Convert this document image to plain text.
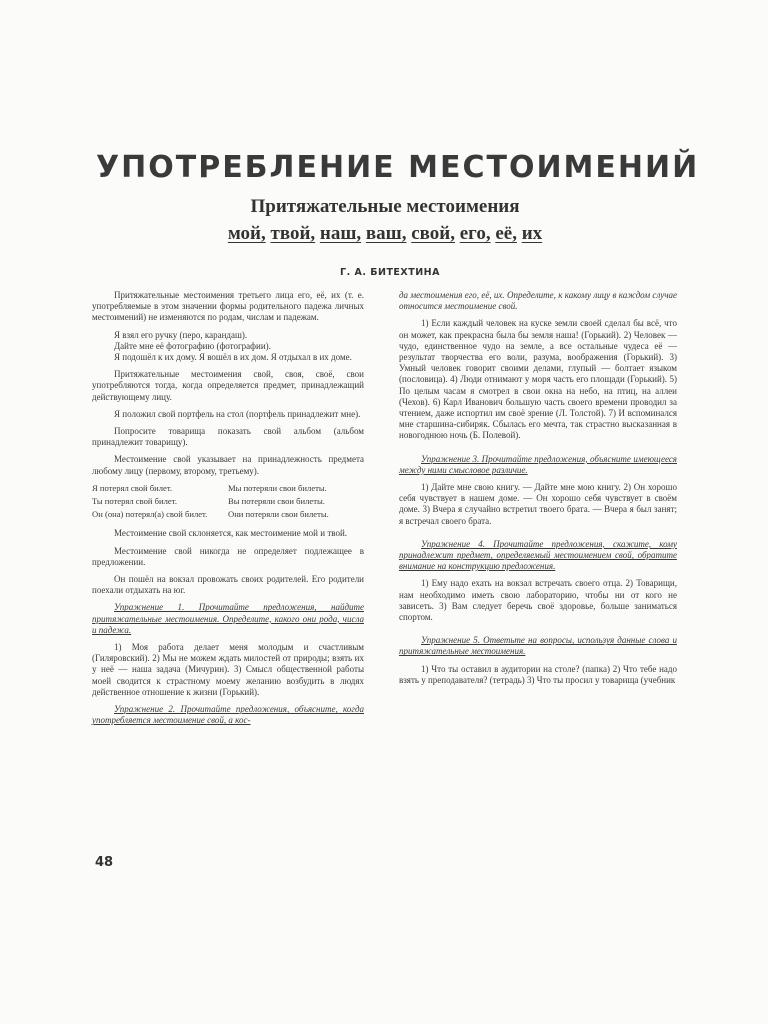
УПОТРЕБЛЕНИЕ МЕСТОИМЕНИЙ
Притяжательные местоимения
мой, твой, наш, ваш, свой, его, её, их
Г. А. БИТЕХТИНА

Притяжательные местоимения третьего лица его, её, их (т. е. употребляемые в этом значении формы родительного падежа личных местоимений) не изменяются по родам, числам и падежам.

Я взял его ручку (перо, карандаш).

Дайте мне её фотографию (фотографии).

Я подошёл к их дому. Я вошёл в их дом. Я отдыхал в их доме.

Притяжательные местоимения свой, своя, своё, свои употребляются тогда, когда определяется предмет, принадлежащий действующему лицу.

Я положил свой портфель на стол (портфель принадлежит мне).

Попросите товарища показать свой альбом (альбом принадлежит товарищу).

Местоимение свой указывает на принадлежность предмета любому лицу (первому, второму, третьему).

Я потерял свой билет.	Мы потеряли свои билеты.
Ты потерял свой билет.	Вы потеряли свои билеты.
Он (она) потерял(а) свой билет.	Они потеряли свои билеты.

Местоимение свой склоняется, как местоимение мой и твой.

Местоимение свой никогда не определяет подлежащее в предложении.

Он пошёл на вокзал провожать своих родителей. Его родители поехали отдыхать на юг.

Упражнение 1. Прочитайте предложения, найдите притяжательные местоимения. Определите, какого они рода, числа и падежа.

1) Моя работа делает меня молодым и счастливым (Гиляровский). 2) Мы не можем ждать милостей от природы; взять их у неё — наша задача (Мичурин). 3) Смысл общественной работы моей сводится к страстному моему желанию возбудить в людях действенное отношение к жизни (Горький).

Упражнение 2. Прочитайте предложения, объясните, когда употребляется местоимение свой, а кос-

да местоимения его, её, их. Определите, к какому лицу в каждом случае относится местоимение свой.

1) Если каждый человек на куске земли своей сделал бы всё, что он может, как прекрасна была бы земля наша! (Горький). 2) Человек — чудо, единственное чудо на земле, а все остальные чудеса её — результат творчества его воли, разума, воображения (Горький). 3) Умный человек говорит своими делами, глупый — болтает языком (пословица). 4) Люди отнимают у моря часть его площади (Горький). 5) По целым часам я смотрел в свои окна на небо, на птиц, на аллеи (Чехов). 6) Карл Иванович большую часть своего времени проводил за чтением, даже испортил им своё зрение (Л. Толстой). 7) И вспоминался мне старшина-сибиряк. Сбылась его мечта, так страстно высказанная в новогоднюю ночь (Б. Полевой).

Упражнение 3. Прочитайте предложения, объясните имеющееся между ними смысловое различие.

1) Дайте мне свою книгу. — Дайте мне мою книгу. 2) Он хорошо себя чувствует в нашем доме. — Он хорошо себя чувствует в своём доме. 3) Вчера я случайно встретил твоего брата. — Вчера я был занят; я встречал своего брата.

Упражнение 4. Прочитайте предложения, скажите, кому принадлежит предмет, определяемый местоимением свой, обратите внимание на конструкцию предложения.

1) Ему надо ехать на вокзал встречать своего отца. 2) Товарищи, нам необходимо иметь свою лабораторию, чтобы ни от кого не зависеть. 3) Вам следует беречь своё здоровье, больше заниматься спортом.

Упражнение 5. Ответьте на вопросы, используя данные слова и притяжательные местоимения.

1) Что ты оставил в аудитории на столе? (папка) 2) Что тебе надо взять у преподавателя? (тетрадь) 3) Что ты просил у товарища (учебник

48
